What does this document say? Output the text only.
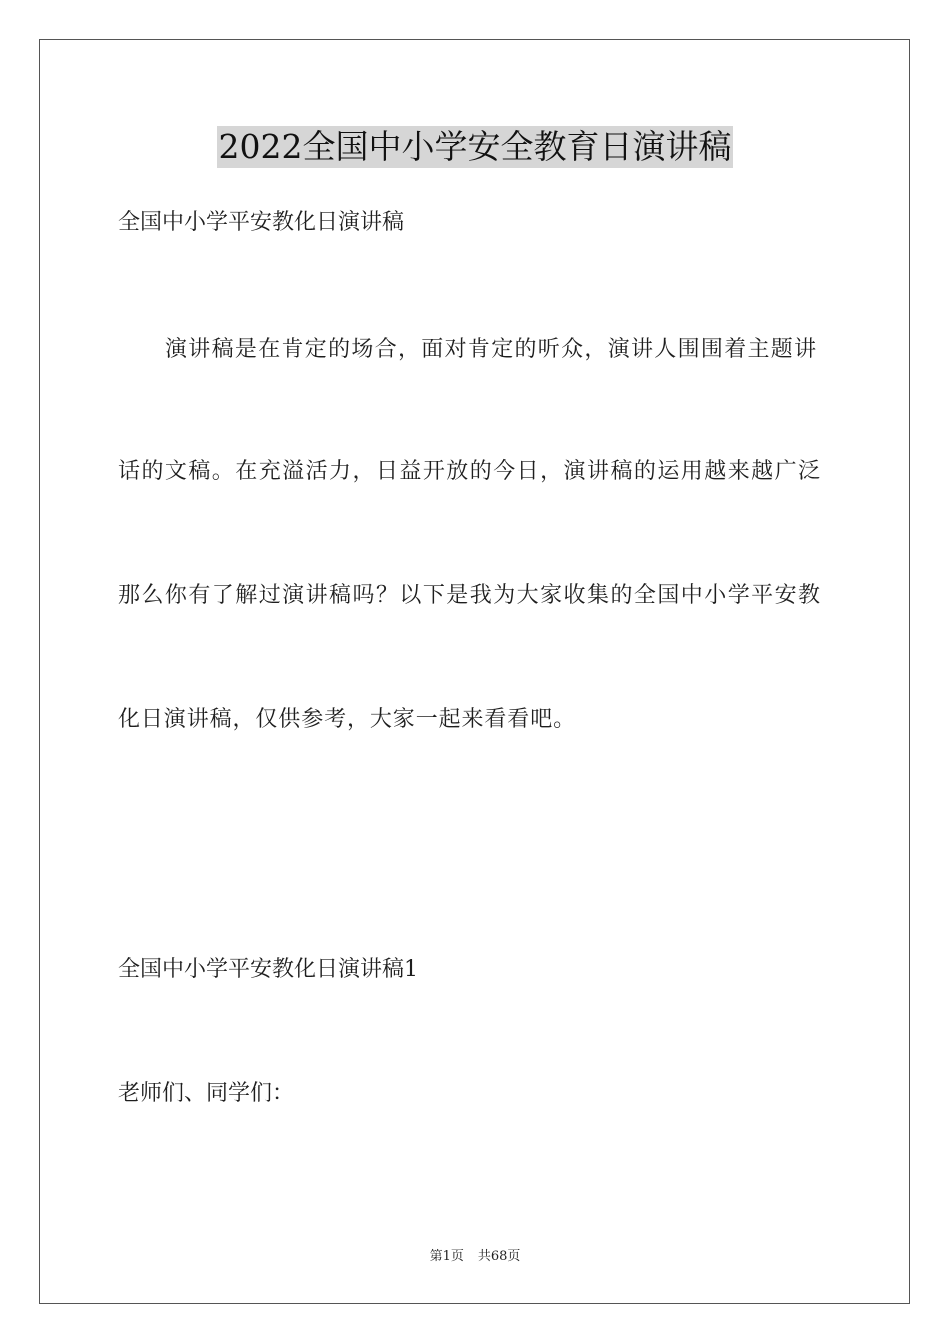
2022全国中小学安全教育日演讲稿
全国中小学平安教化日演讲稿
演讲稿是在肯定的场合，面对肯定的听众，演讲人围围着主题讲
话的文稿。在充溢活力，日益开放的今日，演讲稿的运用越来越广泛
那么你有了解过演讲稿吗？以下是我为大家收集的全国中小学平安教
化日演讲稿，仅供参考，大家一起来看看吧。
全国中小学平安教化日演讲稿1
老师们、同学们：
第1页 共68页
